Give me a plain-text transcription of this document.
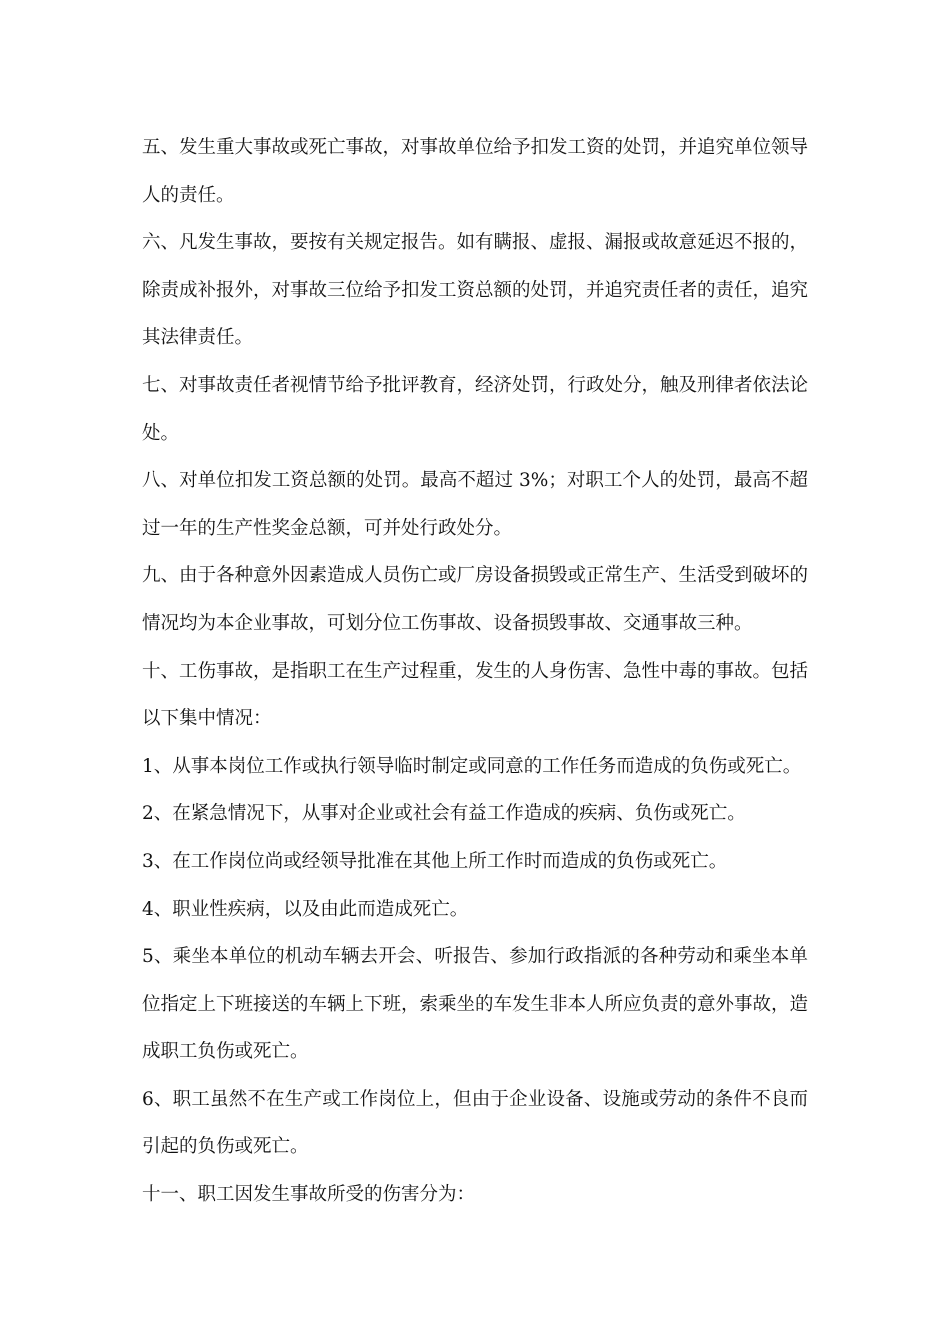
五、发生重大事故或死亡事故，对事故单位给予扣发工资的处罚，并追究单位领导人的责任。

六、凡发生事故，要按有关规定报告。如有瞒报、虚报、漏报或故意延迟不报的，除责成补报外，对事故三位给予扣发工资总额的处罚，并追究责任者的责任，追究其法律责任。

七、对事故责任者视情节给予批评教育，经济处罚，行政处分，触及刑律者依法论处。

八、对单位扣发工资总额的处罚。最高不超过 3%；对职工个人的处罚，最高不超过一年的生产性奖金总额，可并处行政处分。

九、由于各种意外因素造成人员伤亡或厂房设备损毁或正常生产、生活受到破坏的情况均为本企业事故，可划分位工伤事故、设备损毁事故、交通事故三种。

十、工伤事故，是指职工在生产过程重，发生的人身伤害、急性中毒的事故。包括以下集中情况：

1、从事本岗位工作或执行领导临时制定或同意的工作任务而造成的负伤或死亡。

2、在紧急情况下，从事对企业或社会有益工作造成的疾病、负伤或死亡。

3、在工作岗位尚或经领导批准在其他上所工作时而造成的负伤或死亡。

4、职业性疾病，以及由此而造成死亡。

5、乘坐本单位的机动车辆去开会、听报告、参加行政指派的各种劳动和乘坐本单位指定上下班接送的车辆上下班，索乘坐的车发生非本人所应负责的意外事故，造成职工负伤或死亡。

6、职工虽然不在生产或工作岗位上，但由于企业设备、设施或劳动的条件不良而引起的负伤或死亡。

十一、职工因发生事故所受的伤害分为：
